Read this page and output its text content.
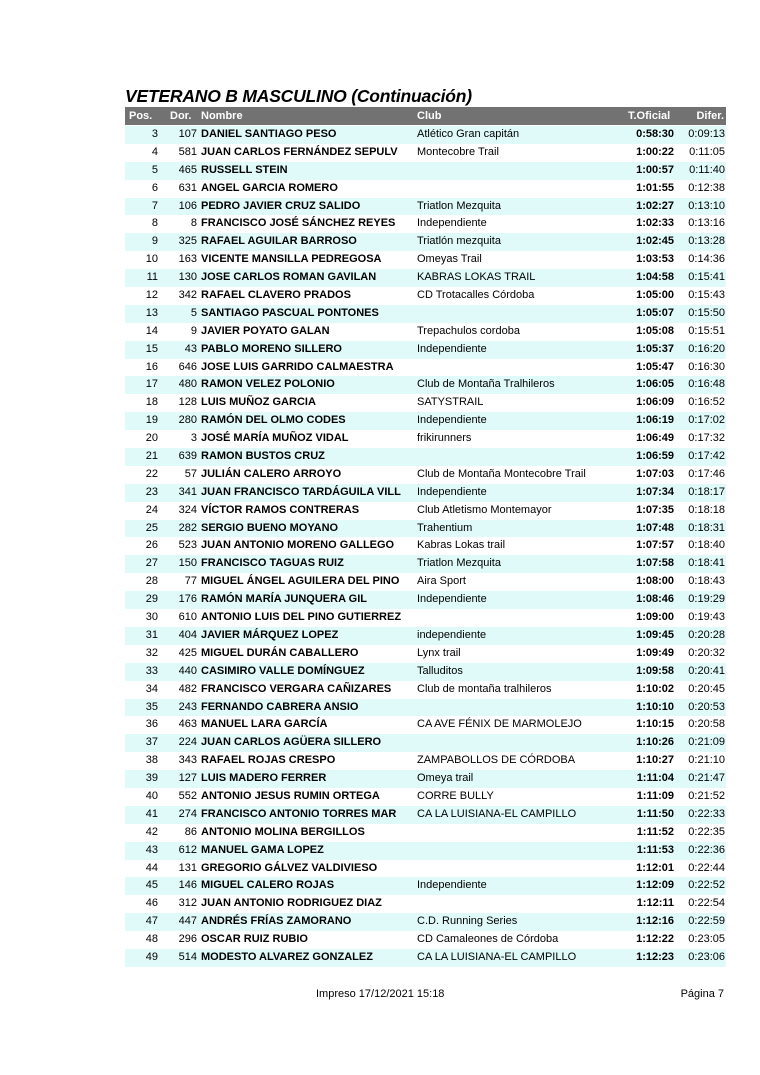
VETERANO B MASCULINO (Continuación)
Pos. Dor. Nombre	Club	T.Oficial Difer.
3 107 DANIEL SANTIAGO PESO	Atlético Gran capitán	0:58:30 0:09:13
4 581 JUAN CARLOS FERNÁNDEZ SEPULV	Montecobre Trail	1:00:22 0:11:05
5 465 RUSSELL STEIN	1:00:57 0:11:40
6 631 ANGEL GARCIA ROMERO	1:01:55 0:12:38
7 106 PEDRO JAVIER CRUZ SALIDO	Triatlon Mezquita	1:02:27 0:13:10
8	8 FRANCISCO JOSÉ SÁNCHEZ REYES	Independiente	1:02:33 0:13:16
9 325 RAFAEL AGUILAR BARROSO	Triatlón mezquita	1:02:45 0:13:28
10 163 VICENTE MANSILLA PEDREGOSA	Omeyas Trail	1:03:53 0:14:36
11 130 JOSE CARLOS ROMAN GAVILAN	KABRAS LOKAS TRAIL	1:04:58 0:15:41
12 342 RAFAEL CLAVERO PRADOS	CD Trotacalles Córdoba	1:05:00 0:15:43
13	5 SANTIAGO PASCUAL PONTONES	1:05:07 0:15:50
14	9 JAVIER POYATO GALAN	Trepachulos cordoba	1:05:08 0:15:51
15 43 PABLO MORENO SILLERO	Independiente	1:05:37 0:16:20
16 646 JOSE LUIS GARRIDO CALMAESTRA	1:05:47 0:16:30
17 480 RAMON VELEZ POLONIO	Club de Montaña Tralhileros	1:06:05 0:16:48
18 128 LUIS MUÑOZ GARCIA	SATYSTRAIL	1:06:09 0:16:52
19 280 RAMÓN DEL OLMO CODES	Independiente	1:06:19 0:17:02
20	3 JOSÉ MARÍA MUÑOZ VIDAL	frikirunners	1:06:49 0:17:32
21 639 RAMON BUSTOS CRUZ	1:06:59 0:17:42
22 57 JULIÁN CALERO ARROYO	Club de Montaña Montecobre Trail	1:07:03 0:17:46
23 341 JUAN FRANCISCO TARDÁGUILA VILL	Independiente	1:07:34 0:18:17
24 324 VÍCTOR RAMOS CONTRERAS	Club Atletismo Montemayor	1:07:35 0:18:18
25 282 SERGIO BUENO MOYANO	Trahentium	1:07:48 0:18:31
26 523 JUAN ANTONIO MORENO GALLEGO	Kabras Lokas trail	1:07:57 0:18:40
27 150 FRANCISCO TAGUAS RUIZ	Triatlon Mezquita	1:07:58 0:18:41
28 77 MIGUEL ÁNGEL AGUILERA DEL PINO	Aira Sport	1:08:00 0:18:43
29 176 RAMÓN MARÍA JUNQUERA GIL	Independiente	1:08:46 0:19:29
30 610 ANTONIO LUIS DEL PINO GUTIERREZ	1:09:00 0:19:43
31 404 JAVIER MÁRQUEZ LOPEZ	independiente	1:09:45 0:20:28
32 425 MIGUEL DURÁN CABALLERO	Lynx trail	1:09:49 0:20:32
33 440 CASIMIRO VALLE DOMÍNGUEZ	Talluditos	1:09:58 0:20:41
34 482 FRANCISCO VERGARA CAÑIZARES	Club de montaña tralhileros	1:10:02 0:20:45
35 243 FERNANDO CABRERA ANSIO	1:10:10 0:20:53
36 463 MANUEL LARA GARCÍA	CA AVE FÉNIX DE MARMOLEJO	1:10:15 0:20:58
37 224 JUAN CARLOS AGÜERA SILLERO	1:10:26 0:21:09
38 343 RAFAEL ROJAS CRESPO	ZAMPABOLLOS DE CÓRDOBA	1:10:27 0:21:10
39 127 LUIS MADERO FERRER	Omeya trail	1:11:04 0:21:47
40 552 ANTONIO JESUS RUMIN ORTEGA	CORRE BULLY	1:11:09 0:21:52
41 274 FRANCISCO ANTONIO TORRES MAR	CA LA LUISIANA-EL CAMPILLO	1:11:50 0:22:33
42 86 ANTONIO MOLINA BERGILLOS	1:11:52 0:22:35
43 612 MANUEL GAMA LOPEZ	1:11:53 0:22:36
44 131 GREGORIO GÁLVEZ VALDIVIESO	1:12:01 0:22:44
45 146 MIGUEL CALERO ROJAS	Independiente	1:12:09 0:22:52
46 312 JUAN ANTONIO RODRIGUEZ DIAZ	1:12:11 0:22:54
47 447 ANDRÉS FRÍAS ZAMORANO	C.D. Running Series	1:12:16 0:22:59
48 296 OSCAR RUIZ RUBIO	CD Camaleones de Córdoba	1:12:22 0:23:05
49 514 MODESTO ALVAREZ GONZALEZ	CA LA LUISIANA-EL CAMPILLO	1:12:23 0:23:06
Impreso 17/12/2021 15:18	Página 7
